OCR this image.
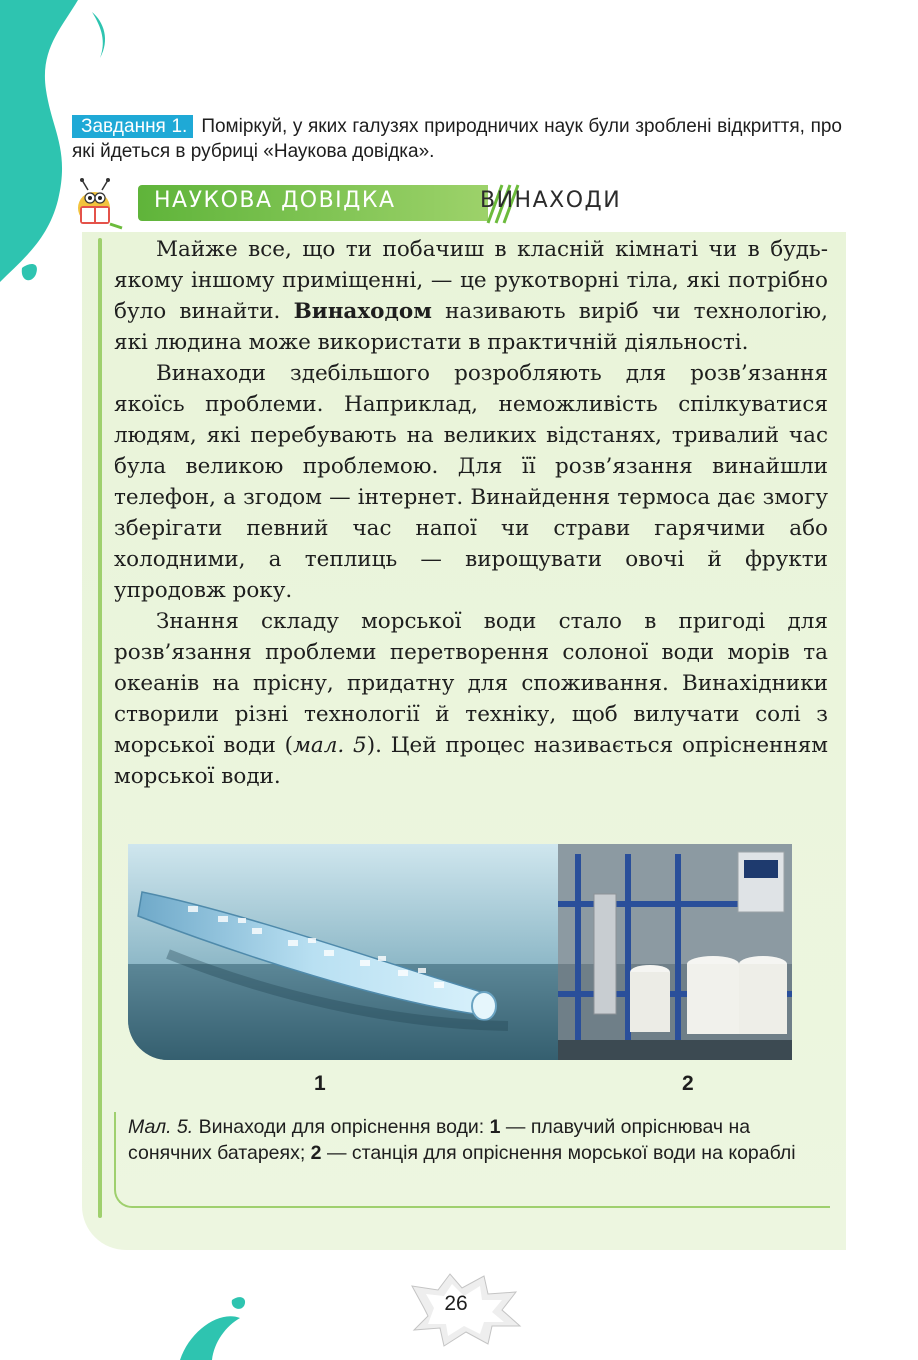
Завдання 1. Поміркуй, у яких галузях природничих наук були зроблені відкриття, про які йдеться в рубриці «Наукова довідка».
НАУКОВА ДОВІДКА	ВИНАХОДИ

Майже все, що ти побачиш в класній кімнаті чи в будь-якому іншому приміщенні, — це рукотворні тіла, які потрібно було винайти. Винаходом називають виріб чи технологію, які людина може використати в практичній діяльності.

Винаходи здебільшого розробляють для розв’язання якоїсь проблеми. Наприклад, неможливість спілкуватися людям, які перебувають на великих відстанях, тривалий час була великою проблемою. Для її розв’язання винайшли телефон, а згодом — інтернет. Винайдення термоса дає змогу зберігати певний час напої чи страви гарячими або холодними, а теплиць — вирощувати овочі й фрукти упродовж року.

Знання складу морської води стало в пригоді для розв’язання проблеми перетворення солоної води морів та океанів на прісну, придатну для споживання. Винахідники створили різні технології й техніку, щоб вилучати солі з морської води (мал. 5). Цей процес називається опрісненням морської води.

1	2
Мал. 5. Винаходи для опріснення води: 1 — плавучий опріснювач на сонячних батареях; 2 — станція для опріснення морської води на кораблі
26
